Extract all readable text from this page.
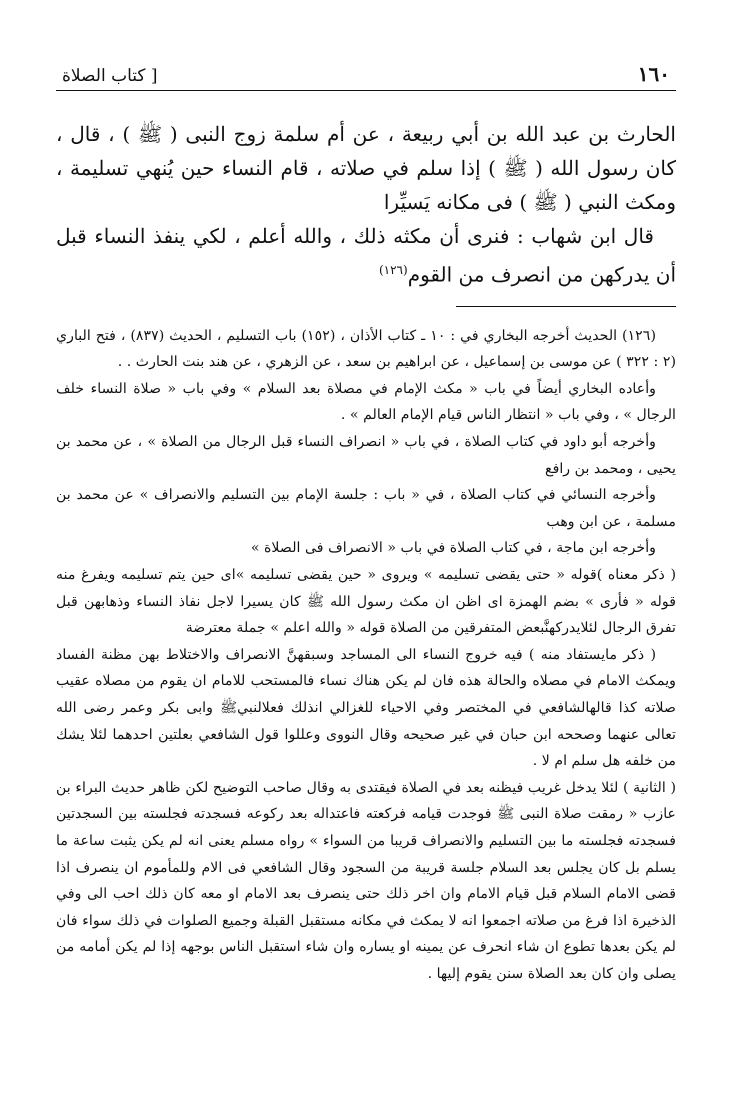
١٦٠
[ كتاب الصلاة

الحارث بن عبد الله بن أبي ربيعة ، عن أم سلمة زوج النبى ( ﷺ ) ، قال ، كان رسول الله ( ﷺ ) إذا سلم في صلاته ، قام النساء حين يُنهي تسليمة ، ومكث النبي ( ﷺ ) فى مكانه يَسيِّرا

قال ابن شهاب : فنرى أن مكثه ذلك ، والله أعلم ، لكي ينفذ النساء قبل أن يدركهن من انصرف من القوم$^{(١٢٦)}$

(١٢٦) الحديث أخرجه البخاري في : ١٠ ـ كتاب الأذان ، (١٥٢) باب التسليم ، الحديث (٨٣٧) ، فتح الباري (٢ : ٣٢٢ ) عن موسى بن إسماعيل ، عن ابراهيم بن سعد ، عن الزهري ، عن هند بنت الحارث . .

وأعاده البخاري أيضاً في باب « مكث الإمام في مصلاة بعد السلام » وفي باب « صلاة النساء خلف الرجال » ، وفي باب « انتظار الناس قيام الإمام العالم » .

وأخرجه أبو داود في كتاب الصلاة ، في باب « انصراف النساء قبل الرجال من الصلاة » ، عن محمد بن يحيى ، ومحمد بن رافع

وأخرجه النسائي في كتاب الصلاة ، في « باب : جلسة الإمام بين التسليم والانصراف » عن محمد بن مسلمة ، عن ابن وهب

وأخرجه ابن ماجة ، في كتاب الصلاة في باب « الانصراف فى الصلاة »

( ذكر معناه )قوله « حتى يقضى تسليمه » ويروى « حين يقضى تسليمه »اى حين يتم تسليمه ويفرغ منه قوله « فأرى » بضم الهمزة اى اظن ان مكث رسول الله ﷺ كان يسيرا لاجل نفاذ النساء وذهابهن قبل تفرق الرجال لئلايدركهنَّبعض المتفرقين من الصلاة قوله « والله اعلم » جملة معترضة

( ذكر مايستفاد منه ) فيه خروج النساء الى المساجد وسبقهنَّ الانصراف والاختلاط بهن مظنة الفساد ويمكث الامام في مصلاه والحالة هذه فان لم يكن هناك نساء فالمستحب للامام ان يقوم من مصلاه عقيب صلاته كذا قالهالشافعي في المختصر وفي الاحياء للغزالي انذلك فعلالنبيﷺ وابى بكر وعمر رضى الله تعالى عنهما وصححه ابن حبان في غير صحيحه وقال النووى وعللوا قول الشافعي بعلتين احدهما لئلا يشك من خلفه هل سلم ام لا .

( الثانية ) لئلا يدخل غريب فيظنه بعد في الصلاة فيقتدى به وقال صاحب التوضيح لكن ظاهر حديث البراء بن عازب « رمقت صلاة النبى ﷺ فوجدت قيامه فركعته فاعتداله بعد ركوعه فسجدته فجلسته بين السجدتين فسجدته فجلسته ما بين التسليم والانصراف قريبا من السواء » رواه مسلم يعنى انه لم يكن يثبت ساعة ما يسلم بل كان يجلس بعد السلام جلسة قريبة من السجود وقال الشافعي فى الام وللمأموم ان ينصرف اذا قضى الامام السلام قبل قيام الامام وان اخر ذلك حتى ينصرف بعد الامام او معه كان ذلك احب الى وفي الذخيرة اذا فرغ من صلاته اجمعوا انه لا يمكث في مكانه مستقبل القبلة وجميع الصلوات في ذلك سواء فان لم يكن بعدها تطوع ان شاء انحرف عن يمينه او يساره وان شاء استقبل الناس بوجهه إذا لم يكن أمامه من يصلى وان كان بعد الصلاة سنن يقوم إليها .
